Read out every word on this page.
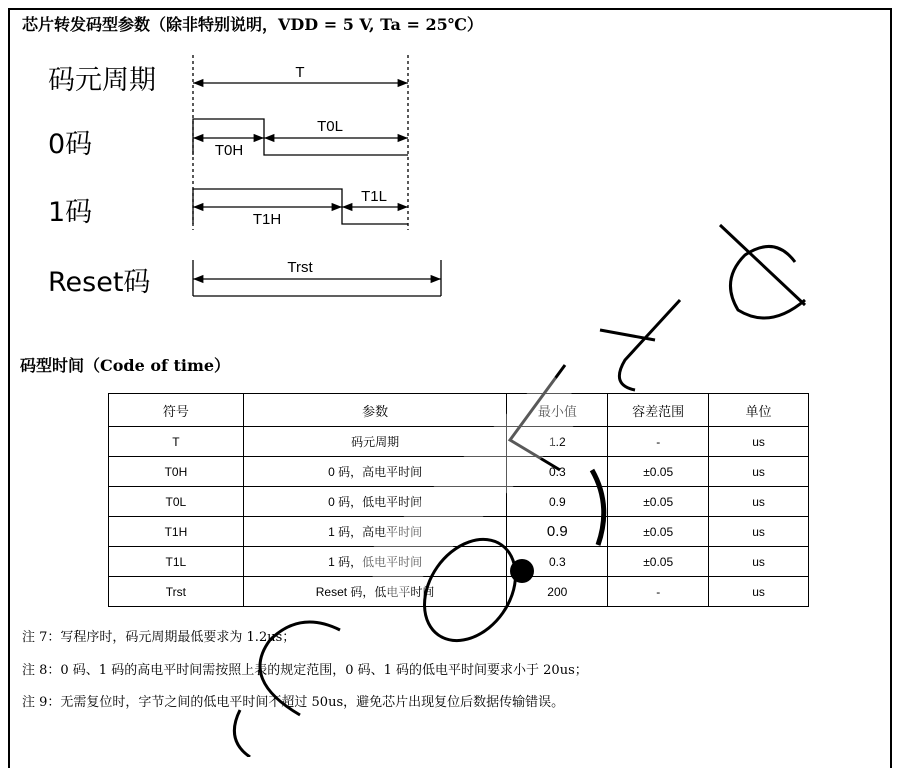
芯片转发码型参数（除非特别说明，VDD = 5 V, Ta = 25℃）
码元周期
0码
1码
Reset码
T
T0L
T0H
T1L
T1H
Trst
码型时间（Code of time）
符号	参数	最小值	容差范围	单位
T	码元周期	1.2	-	us
T0H	0 码，高电平时间	0.3	±0.05	us
T0L	0 码，低电平时间	0.9	±0.05	us
T1H	1 码，高电平时间	0.9	±0.05	us
T1L	1 码，低电平时间	0.3	±0.05	us
Trst	Reset 码，低电平时间	200	-	us
注 7：写程序时，码元周期最低要求为 1.2us；
注 8：0 码、1 码的高电平时间需按照上表的规定范围，0 码、1 码的低电平时间要求小于 20us；
注 9：无需复位时，字节之间的低电平时间不超过 50us，避免芯片出现复位后数据传输错误。
